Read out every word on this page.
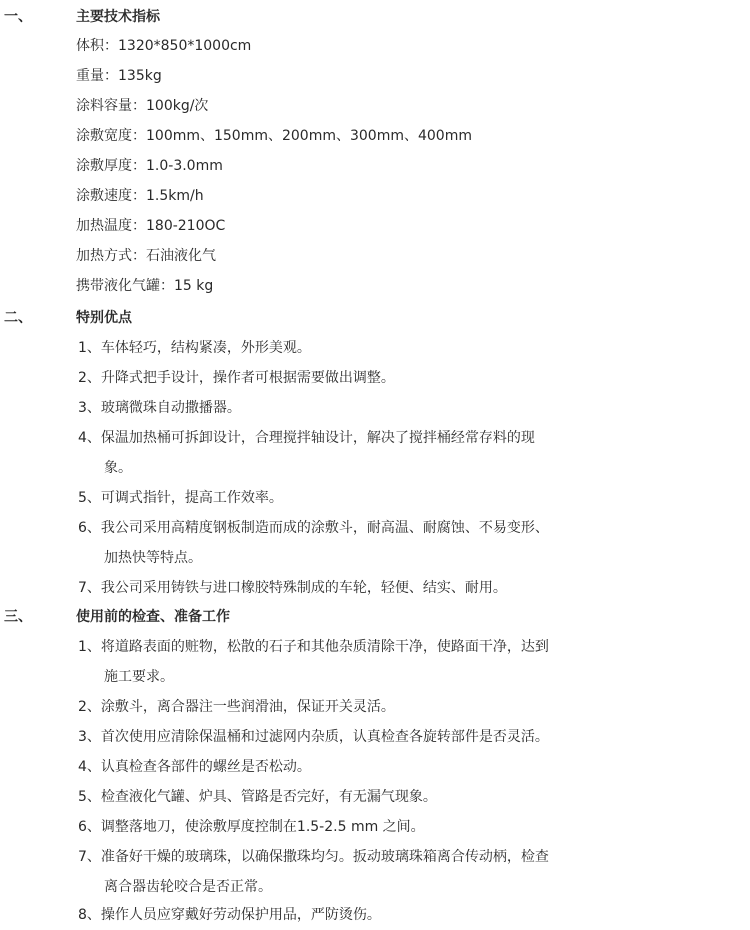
一、	主要技术指标
体积：1320*850*1000cm
重量：135kg
涂料容量：100kg/次
涂敷宽度：100mm、150mm、200mm、300mm、400mm
涂敷厚度：1.0-3.0mm
涂敷速度：1.5km/h
加热温度：180-210OC
加热方式：石油液化气
携带液化气罐：15 kg
二、	特别优点
1、车体轻巧，结构紧凑，外形美观。
2、升降式把手设计，操作者可根据需要做出调整。
3、玻璃微珠自动撒播器。
4、保温加热桶可拆卸设计，合理搅拌轴设计，解决了搅拌桶经常存料的现
象。
5、可调式指针，提高工作效率。
6、我公司采用高精度钢板制造而成的涂敷斗，耐高温、耐腐蚀、不易变形、
加热快等特点。
7、我公司采用铸铁与进口橡胶特殊制成的车轮，轻便、结实、耐用。
三、	使用前的检查、准备工作
1、将道路表面的赃物，松散的石子和其他杂质清除干净，使路面干净，达到
施工要求。
2、涂敷斗，离合器注一些润滑油，保证开关灵活。
3、首次使用应清除保温桶和过滤网内杂质，认真检查各旋转部件是否灵活。
4、认真检查各部件的螺丝是否松动。
5、检查液化气罐、炉具、管路是否完好，有无漏气现象。
6、调整落地刀，使涂敷厚度控制在1.5-2.5 mm 之间。
7、准备好干燥的玻璃珠，以确保撒珠均匀。扳动玻璃珠箱离合传动柄，检查
离合器齿轮咬合是否正常。
8、操作人员应穿戴好劳动保护用品，严防烫伤。
